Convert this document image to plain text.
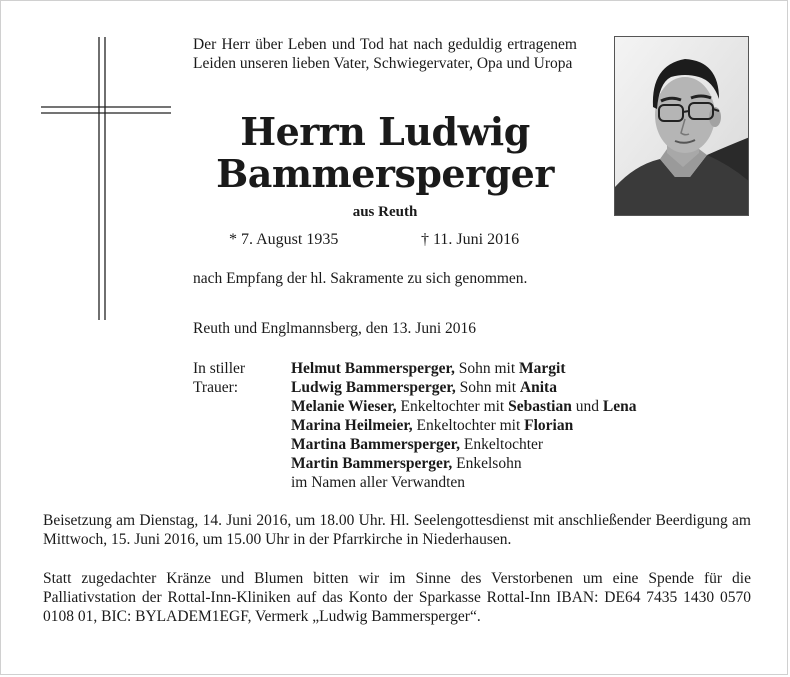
Der Herr über Leben und Tod hat nach geduldig ertragenem Leiden unseren lieben Vater, Schwiegervater, Opa und Uropa
Herrn Ludwig
Bammersperger
aus Reuth
* 7. August 1935	† 11. Juni 2016
nach Empfang der hl. Sakramente zu sich genommen.
Reuth und Englmannsberg, den 13. Juni 2016
In stiller
Trauer:
Helmut Bammersperger, Sohn mit Margit
Ludwig Bammersperger, Sohn mit Anita
Melanie Wieser, Enkeltochter mit Sebastian und Lena
Marina Heilmeier, Enkeltochter mit Florian
Martina Bammersperger, Enkeltochter
Martin Bammersperger, Enkelsohn
im Namen aller Verwandten
Beisetzung am Dienstag, 14. Juni 2016, um 18.00 Uhr. Hl. Seelengottesdienst mit anschließender Beerdigung am Mittwoch, 15. Juni 2016, um 15.00 Uhr in der Pfarrkirche in Niederhausen.
Statt zugedachter Kränze und Blumen bitten wir im Sinne des Verstorbenen um eine Spende für die Palliativstation der Rottal-Inn-Kliniken auf das Konto der Sparkasse Rottal-Inn IBAN: DE64 7435 1430 0570 0108 01, BIC: BYLADEM1EGF, Vermerk „Ludwig Bammersperger“.
